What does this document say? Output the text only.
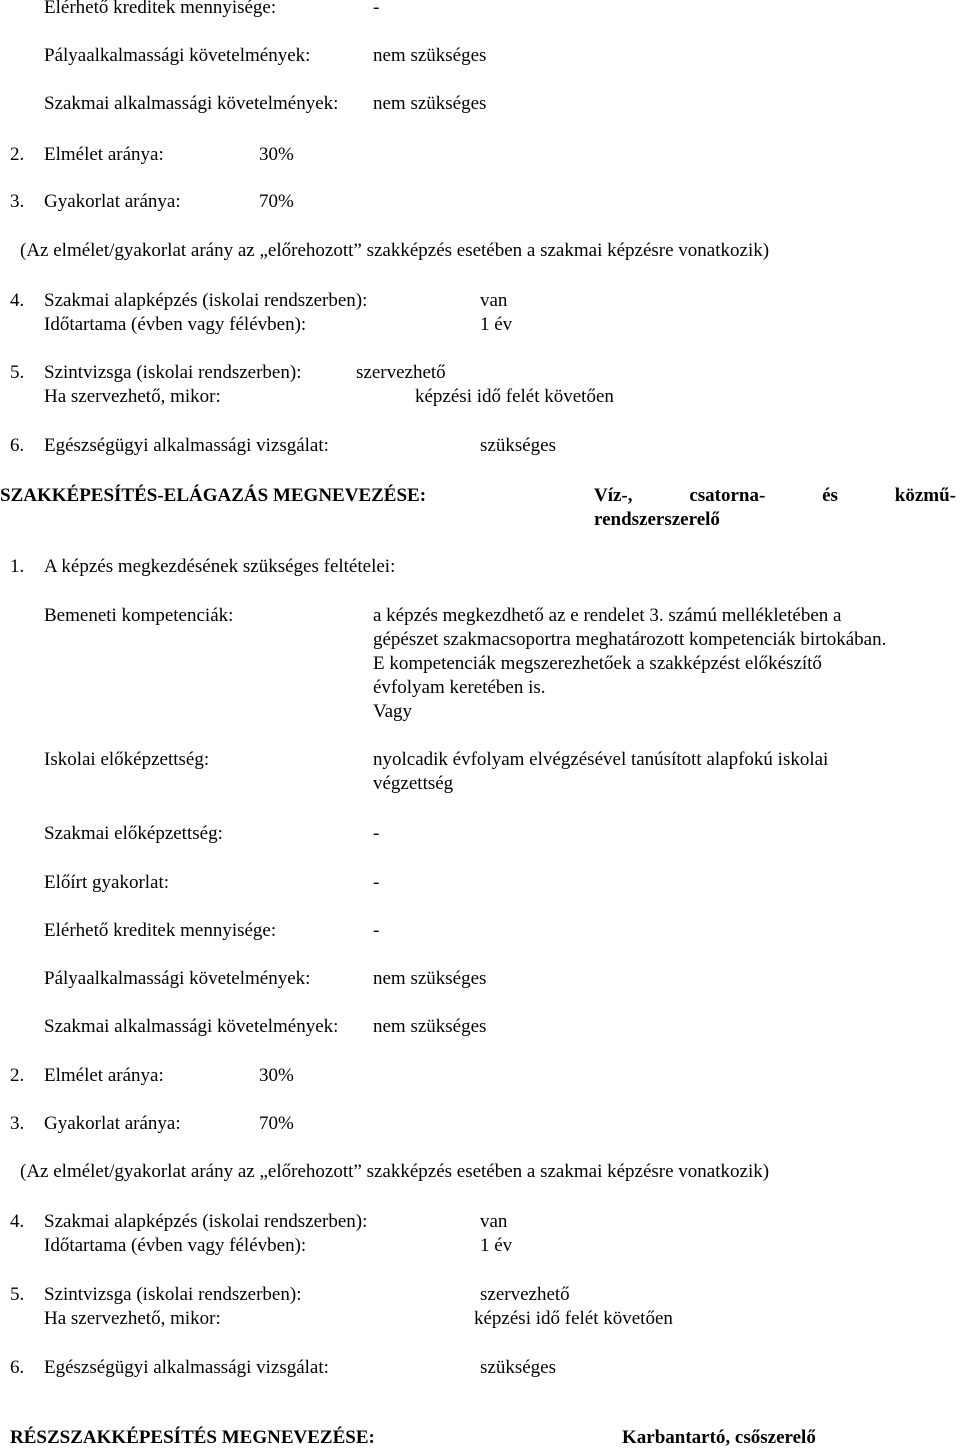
Elérhető kreditek mennyisége:	-
Pályaalkalmassági követelmények:	nem szükséges
Szakmai alkalmassági követelmények: nem szükséges
2. Elmélet aránya:	30%
3. Gyakorlat aránya:	70%
(Az elmélet/gyakorlat arány az „előrehozott” szakképzés esetében a szakmai képzésre vonatkozik)
4. Szakmai alapképzés (iskolai rendszerben):	van
Időtartama (évben vagy félévben):	1 év
5. Szintvizsga (iskolai rendszerben):	szervezhető
Ha szervezhető, mikor:	képzési idő felét követően
6. Egészségügyi alkalmassági vizsgálat:	szükséges
SZAKKÉPESÍTÉS-ELÁGAZÁS MEGNEVEZÉSE:	Víz-, csatorna- és közmű-
rendszerszerelő
1. A képzés megkezdésének szükséges feltételei:
Bemeneti kompetenciák:	a képzés megkezdhető az e rendelet 3. számú mellékletében a
gépészet szakmacsoportra meghatározott kompetenciák birtokában.
E kompetenciák megszerezhetőek a szakképzést előkészítő
évfolyam keretében is.
Vagy
Iskolai előképzettség:	nyolcadik évfolyam elvégzésével tanúsított alapfokú iskolai
végzettség
Szakmai előképzettség:	-
Előírt gyakorlat:	-
Elérhető kreditek mennyisége:	-
Pályaalkalmassági követelmények:	nem szükséges
Szakmai alkalmassági követelmények: nem szükséges
2. Elmélet aránya:	30%
3. Gyakorlat aránya:	70%
(Az elmélet/gyakorlat arány az „előrehozott” szakképzés esetében a szakmai képzésre vonatkozik)
4. Szakmai alapképzés (iskolai rendszerben):	van
Időtartama (évben vagy félévben):	1 év
5. Szintvizsga (iskolai rendszerben):	szervezhető
Ha szervezhető, mikor:	képzési idő felét követően
6. Egészségügyi alkalmassági vizsgálat:	szükséges
RÉSZSZAKKÉPESÍTÉS MEGNEVEZÉSE:	Karbantartó, csőszerelő
